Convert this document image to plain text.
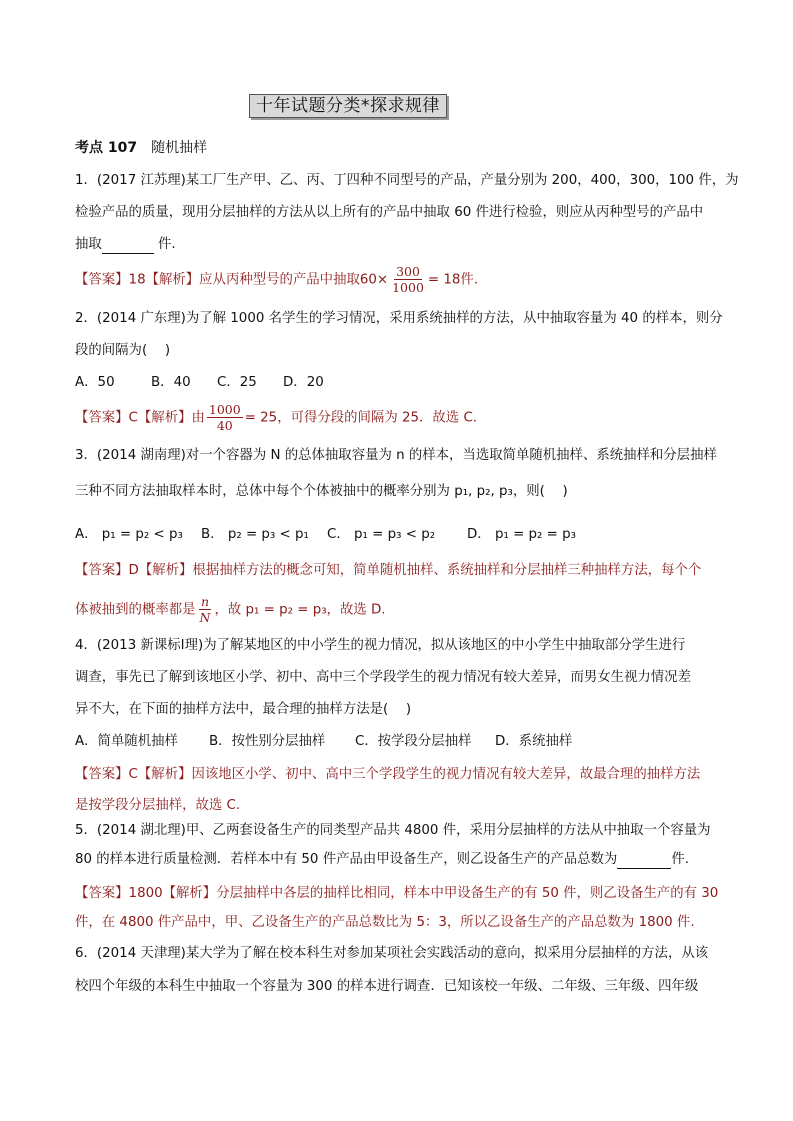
十年试题分类*探求规律
考点 107 随机抽样
1．(2017 江苏理)某工厂生产甲、乙、丙、丁四种不同型号的产品，产量分别为 200，400，300，100 件，为
检验产品的质量，现用分层抽样的方法从以上所有的产品中抽取 60 件进行检验，则应从丙种型号的产品中
抽取	件.
【答案】18【解析】应从丙种型号的产品中抽取$60\times \frac{300}{1000} = 18$件.
2．(2014 广东理)为了解 1000 名学生的学习情况，采用系统抽样的方法，从中抽取容量为 40 的样本，则分
段的间隔为(　 )
A．50	B．40 C．25 D．20
【答案】C【解析】由 $\frac{1000}{40} = 25$，可得分段的间隔为 25．故选 C.
3．(2014 湖南理)对一个容器为 N 的总体抽取容量为 n 的样本，当选取简单随机抽样、系统抽样和分层抽样
三种不同方法抽取样本时，总体中每个个体被抽中的概率分别为 p₁, p₂, p₃，则(　 )
A． p₁ = p₂ < p₃ B． p₂ = p₃ < p₁ C． p₁ = p₃ < p₂ D． p₁ = p₂ = p₃
【答案】D【解析】根据抽样方法的概念可知，简单随机抽样、系统抽样和分层抽样三种抽样方法，每个个
体被抽到的概率都是 $\frac{n}{N}$ ，故 p₁ = p₂ = p₃，故选 D.
4．(2013 新课标Ⅰ理)为了解某地区的中小学生的视力情况，拟从该地区的中小学生中抽取部分学生进行
调查，事先已了解到该地区小学、初中、高中三个学段学生的视力情况有较大差异，而男女生视力情况差
异不大，在下面的抽样方法中，最合理的抽样方法是(　 )
A．简单随机抽样 B．按性别分层抽样 C．按学段分层抽样 D．系统抽样
【答案】C【解析】因该地区小学、初中、高中三个学段学生的视力情况有较大差异，故最合理的抽样方法
是按学段分层抽样，故选 C.
5．(2014 湖北理)甲、乙两套设备生产的同类型产品共 4800 件，采用分层抽样的方法从中抽取一个容量为
80 的样本进行质量检测．若样本中有 50 件产品由甲设备生产，则乙设备生产的产品总数为	件.
【答案】1800【解析】分层抽样中各层的抽样比相同，样本中甲设备生产的有 50 件，则乙设备生产的有 30
件，在 4800 件产品中，甲、乙设备生产的产品总数比为 5：3，所以乙设备生产的产品总数为 1800 件.
6．(2014 天津理)某大学为了解在校本科生对参加某项社会实践活动的意向，拟采用分层抽样的方法，从该
校四个年级的本科生中抽取一个容量为 300 的样本进行调查．已知该校一年级、二年级、三年级、四年级
